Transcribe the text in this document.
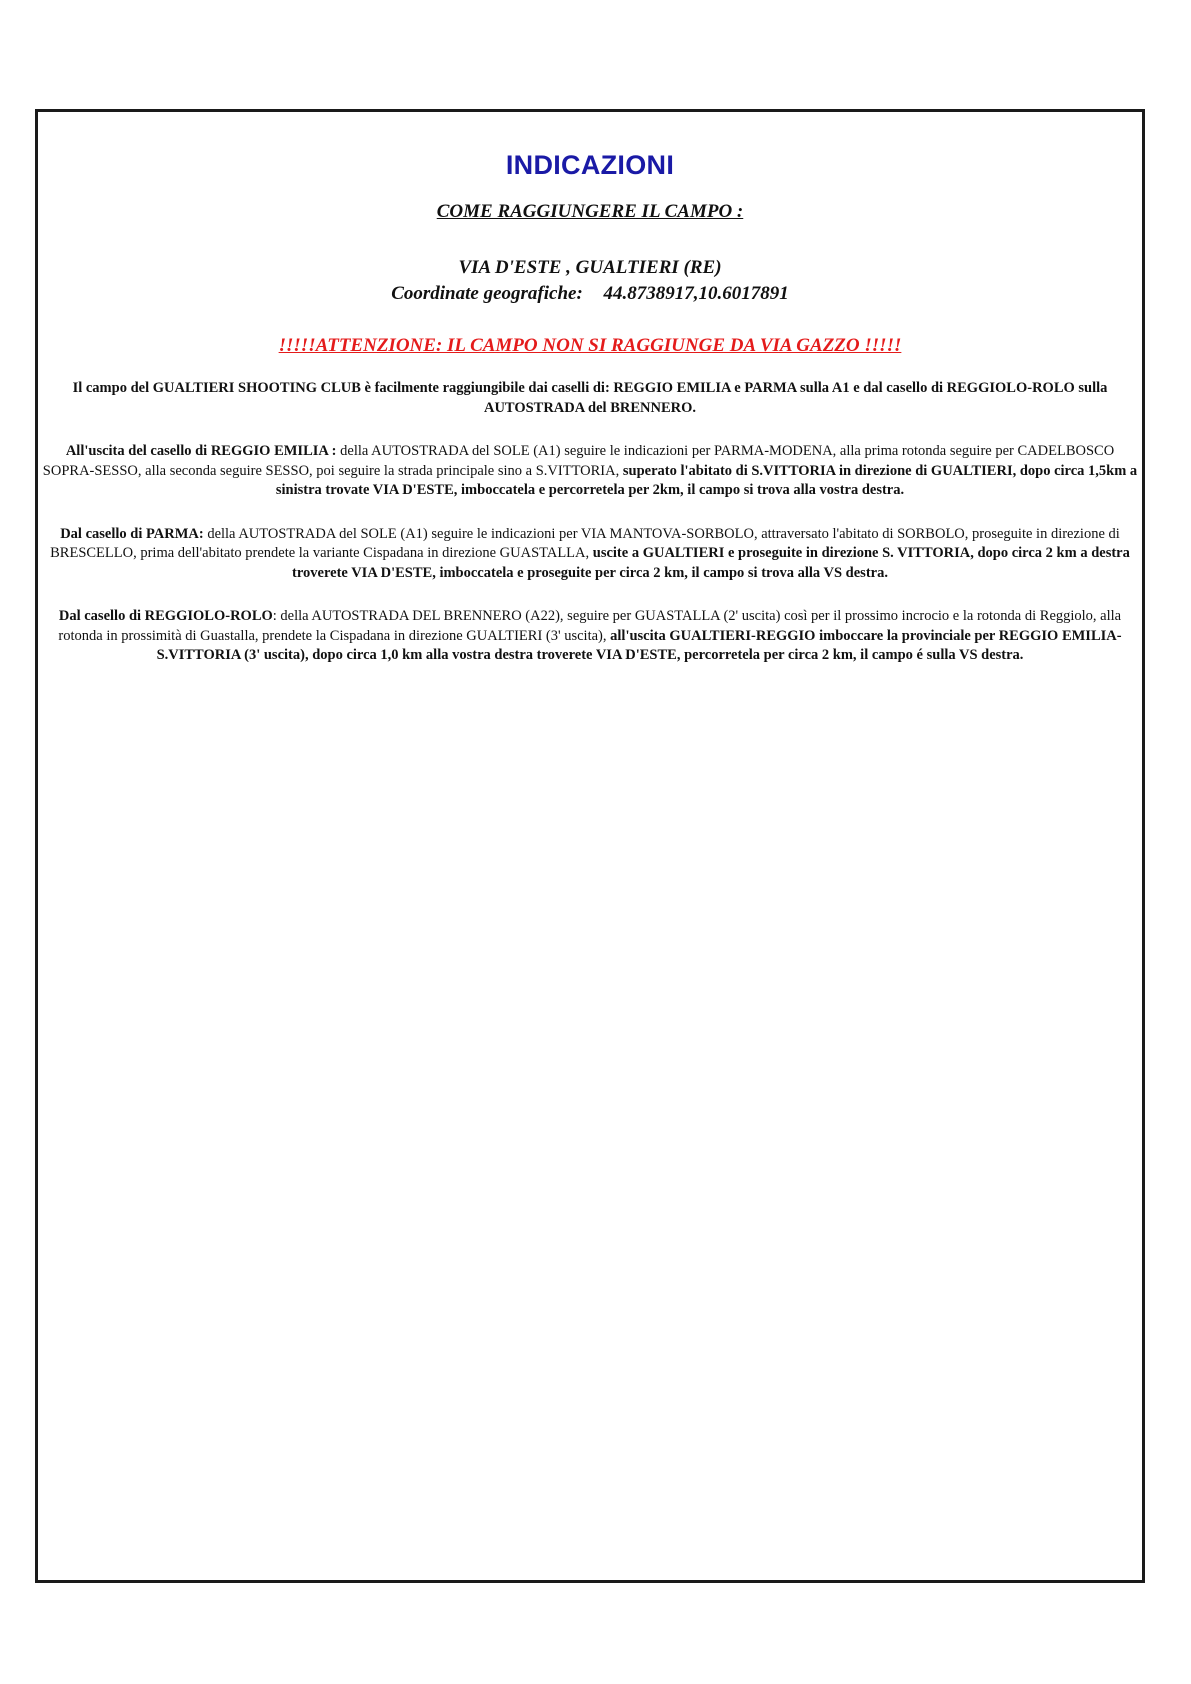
INDICAZIONI
COME RAGGIUNGERE IL CAMPO :
VIA D'ESTE , GUALTIERI (RE)
Coordinate geografiche: 44.8738917,10.6017891
!!!!!ATTENZIONE: IL CAMPO NON SI RAGGIUNGE DA VIA GAZZO !!!!!

Il campo del GUALTIERI SHOOTING CLUB è facilmente raggiungibile dai caselli di: REGGIO EMILIA e PARMA sulla A1 e dal casello di REGGIOLO-ROLO sulla AUTOSTRADA del BRENNERO.

All'uscita del casello di REGGIO EMILIA : della AUTOSTRADA del SOLE (A1) seguire le indicazioni per PARMA-MODENA, alla prima rotonda seguire per CADELBOSCO SOPRA-SESSO, alla seconda seguire SESSO, poi seguire la strada principale sino a S.VITTORIA, superato l'abitato di S.VITTORIA in direzione di GUALTIERI, dopo circa 1,5km a sinistra trovate VIA D'ESTE, imboccatela e percorretela per 2km, il campo si trova alla vostra destra.

Dal casello di PARMA: della AUTOSTRADA del SOLE (A1) seguire le indicazioni per VIA MANTOVA-SORBOLO, attraversato l'abitato di SORBOLO, proseguite in direzione di BRESCELLO, prima dell'abitato prendete la variante Cispadana in direzione GUASTALLA, uscite a GUALTIERI e proseguite in direzione S. VITTORIA, dopo circa 2 km a destra troverete VIA D'ESTE, imboccatela e proseguite per circa 2 km, il campo si trova alla VS destra.

Dal casello di REGGIOLO-ROLO: della AUTOSTRADA DEL BRENNERO (A22), seguire per GUASTALLA (2' uscita) così per il prossimo incrocio e la rotonda di Reggiolo, alla rotonda in prossimità di Guastalla, prendete la Cispadana in direzione GUALTIERI (3' uscita), all'uscita GUALTIERI-REGGIO imboccare la provinciale per REGGIO EMILIA-S.VITTORIA (3' uscita), dopo circa 1,0 km alla vostra destra troverete VIA D'ESTE, percorretela per circa 2 km, il campo é sulla VS destra.
